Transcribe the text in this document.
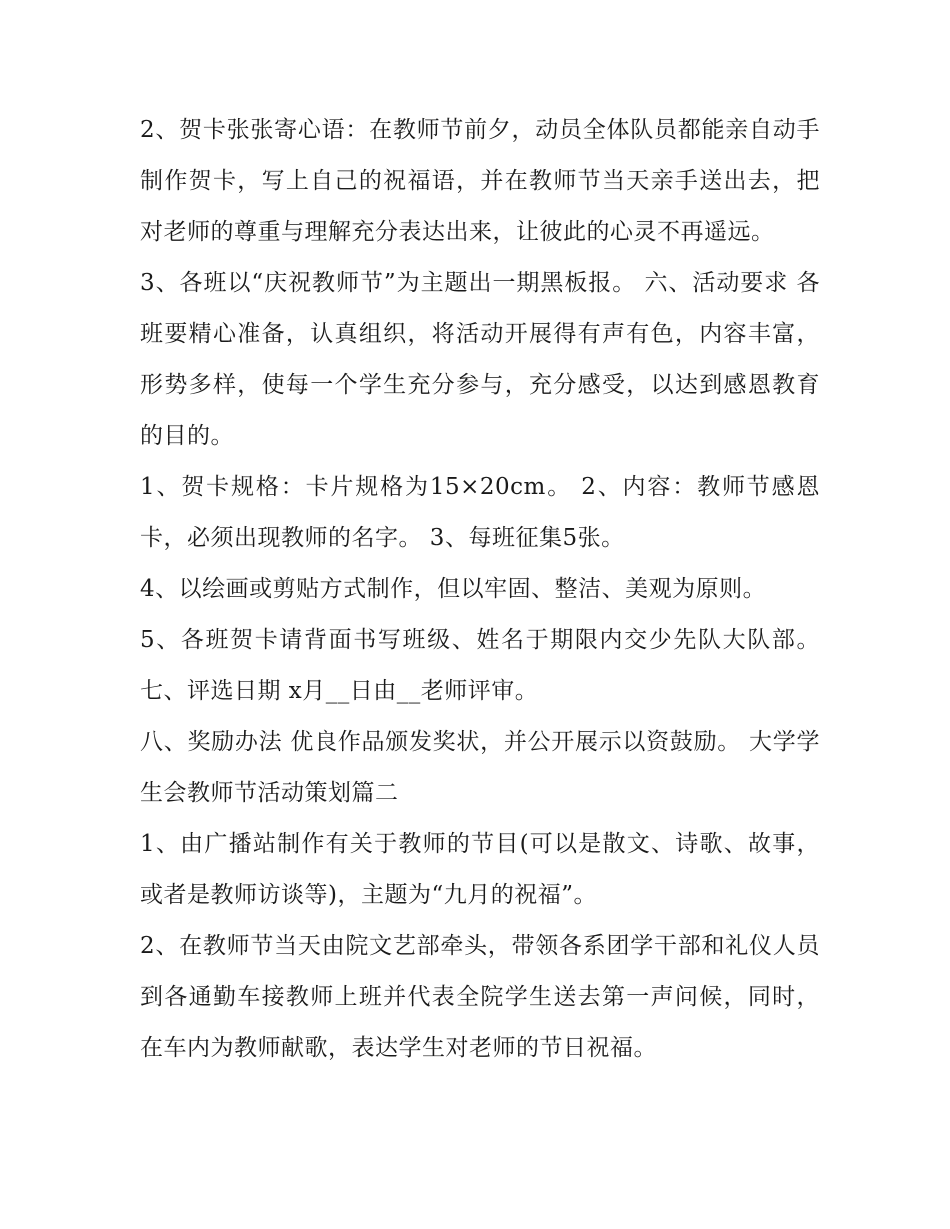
2、贺卡张张寄心语：在教师节前夕，动员全体队员都能亲自动手制作贺卡，写上自己的祝福语，并在教师节当天亲手送出去，把对老师的尊重与理解充分表达出来，让彼此的心灵不再遥远。

3、各班以“庆祝教师节”为主题出一期黑板报。 六、活动要求 各班要精心准备，认真组织，将活动开展得有声有色，内容丰富，形势多样，使每一个学生充分参与，充分感受，以达到感恩教育的目的。

1、贺卡规格：卡片规格为15×20cm。 2、内容：教师节感恩卡，必须出现教师的名字。 3、每班征集5张。

4、以绘画或剪贴方式制作，但以牢固、整洁、美观为原则。

5、各班贺卡请背面书写班级、姓名于期限内交少先队大队部。 七、评选日期 x月__日由__老师评审。

八、奖励办法 优良作品颁发奖状，并公开展示以资鼓励。 大学学生会教师节活动策划篇二

1、由广播站制作有关于教师的节目(可以是散文、诗歌、故事，或者是教师访谈等)，主题为“九月的祝福”。

2、在教师节当天由院文艺部牵头，带领各系团学干部和礼仪人员到各通勤车接教师上班并代表全院学生送去第一声问候，同时，在车内为教师献歌，表达学生对老师的节日祝福。
